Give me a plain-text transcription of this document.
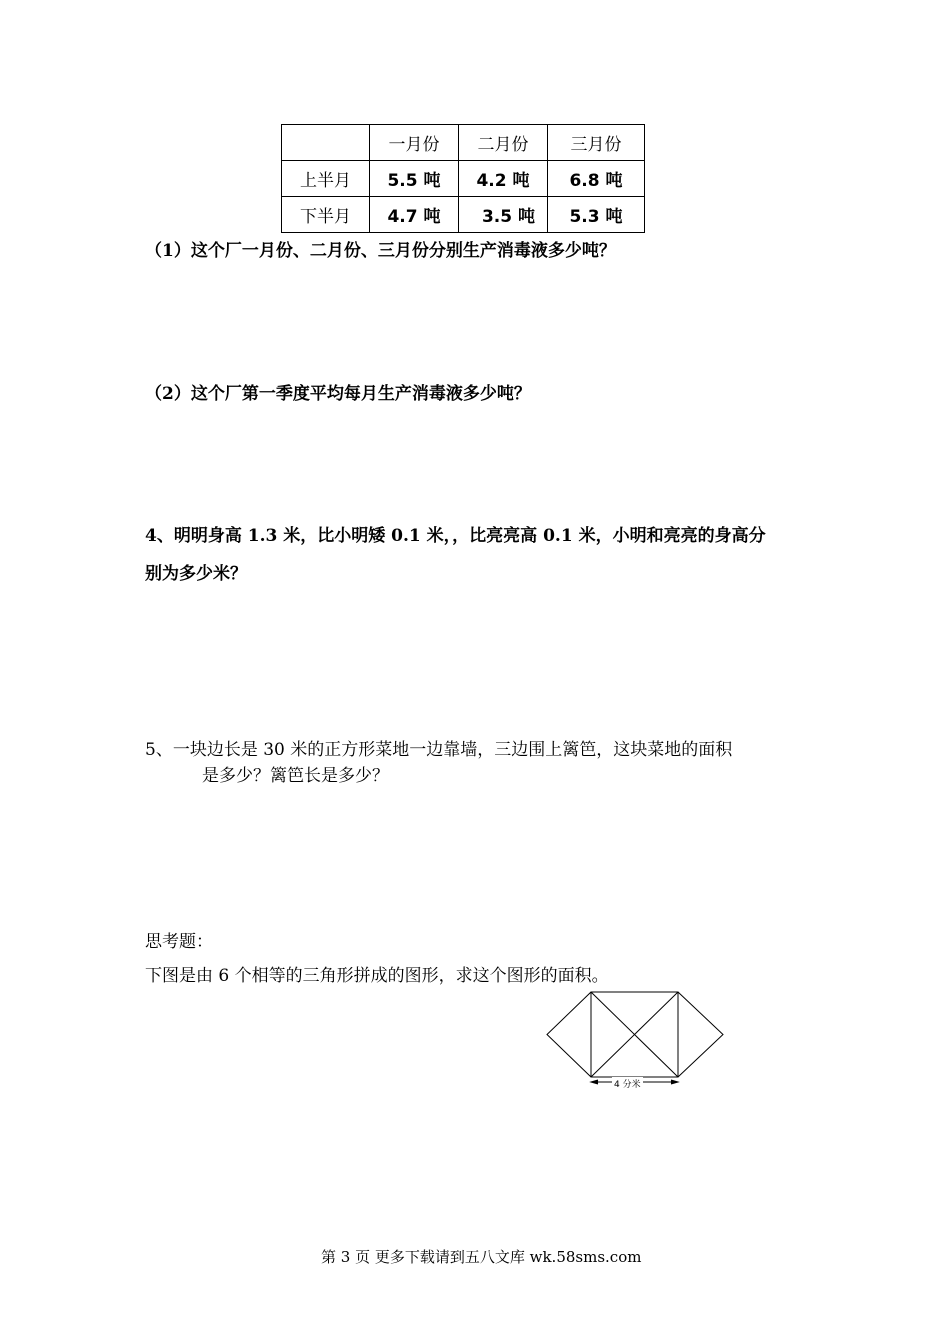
	一月份	二月份	三月份
上半月	5.5 吨	4.2 吨	6.8 吨
下半月	4.7 吨	3.5 吨	5.3 吨
（1）这个厂一月份、二月份、三月份分别生产消毒液多少吨？
（2）这个厂第一季度平均每月生产消毒液多少吨？
4、明明身高 1.3 米，比小明矮 0.1 米，，比亮亮高 0.1 米，小明和亮亮的身高分
别为多少米？
5、一块边长是 30 米的正方形菜地一边靠墙，三边围上篱笆，这块菜地的面积
是多少？篱笆长是多少？
思考题：
下图是由 6 个相等的三角形拼成的图形，求这个图形的面积。
4 分米
第 3 页 更多下载请到五八文库 wk.58sms.com
